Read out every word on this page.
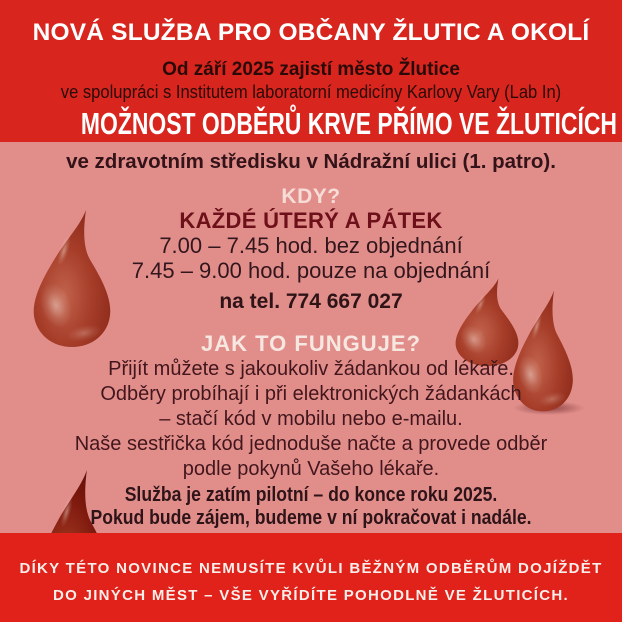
NOVÁ SLUŽBA PRO OBČANY ŽLUTIC A OKOLÍ
Od září 2025 zajistí město Žlutice
ve spolupráci s Institutem laboratorní medicíny Karlovy Vary (Lab In)
MOŽNOST ODBĚRŮ KRVE PŘÍMO VE ŽLUTICÍCH
ve zdravotním středisku v Nádražní ulici (1. patro).
KDY?
KAŽDÉ ÚTERÝ A PÁTEK
7.00 – 7.45 hod. bez objednání
7.45 – 9.00 hod. pouze na objednání
na tel. 774 667 027
JAK TO FUNGUJE?
Přijít můžete s jakoukoliv žádankou od lékaře.
Odběry probíhají i při elektronických žádankách
– stačí kód v mobilu nebo e-mailu.
Naše sestřička kód jednoduše načte a provede odběr
podle pokynů Vašeho lékaře.
Služba je zatím pilotní – do konce roku 2025.
Pokud bude zájem, budeme v ní pokračovat i nadále.
DÍKY TÉTO NOVINCE NEMUSÍTE KVŮLI BĚŽNÝM ODBĚRŮM DOJÍŽDĚT
DO JINÝCH MĚST – VŠE VYŘÍDÍTE POHODLNĚ VE ŽLUTICÍCH.
